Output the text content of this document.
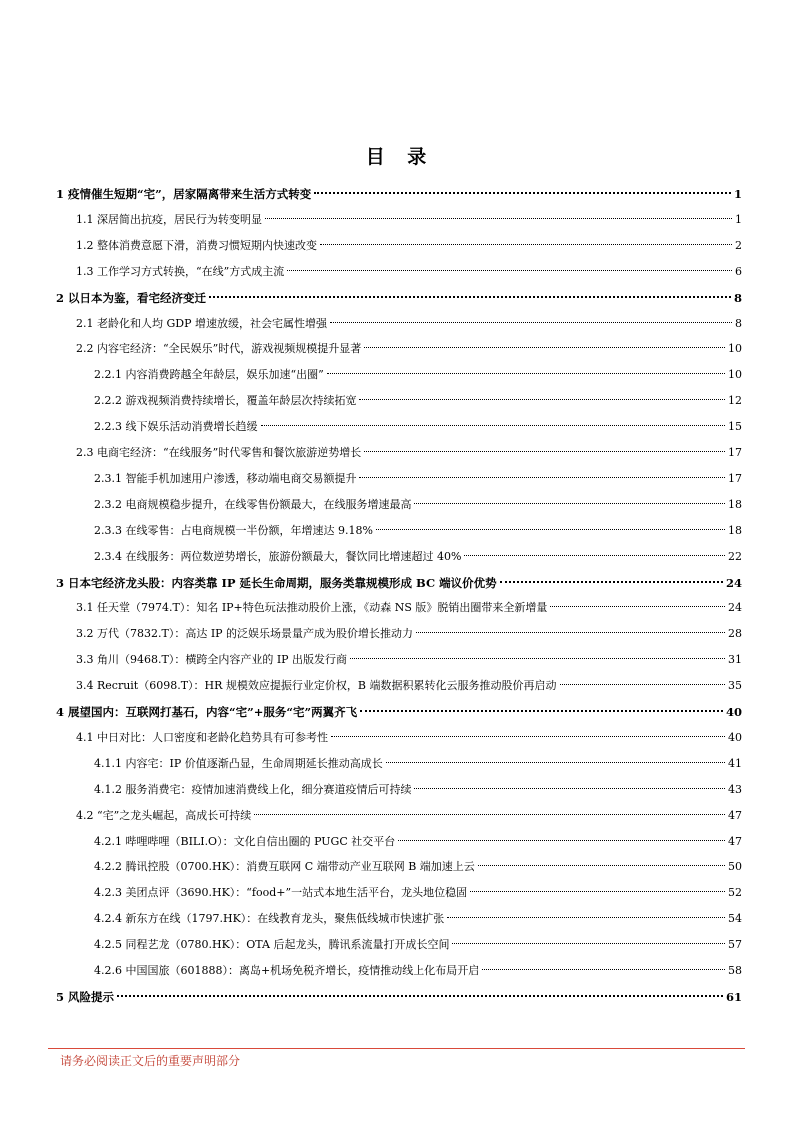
目 录
1 疫情催生短期“宅”，居家隔离带来生活方式转变	1
1.1 深居简出抗疫，居民行为转变明显	1
1.2 整体消费意愿下滑，消费习惯短期内快速改变	2
1.3 工作学习方式转换，“在线”方式成主流	6
2 以日本为鉴，看宅经济变迁	8
2.1 老龄化和人均 GDP 增速放缓，社会宅属性增强	8
2.2 内容宅经济：“全民娱乐”时代，游戏视频规模提升显著	10
2.2.1 内容消费跨越全年龄层，娱乐加速“出圈”	10
2.2.2 游戏视频消费持续增长，覆盖年龄层次持续拓宽	12
2.2.3 线下娱乐活动消费增长趋缓	15
2.3 电商宅经济：“在线服务”时代零售和餐饮旅游逆势增长	17
2.3.1 智能手机加速用户渗透，移动端电商交易额提升	17
2.3.2 电商规模稳步提升，在线零售份额最大，在线服务增速最高	18
2.3.3 在线零售：占电商规模一半份额，年增速达 9.18%	18
2.3.4 在线服务：两位数逆势增长，旅游份额最大，餐饮同比增速超过 40%	22
3 日本宅经济龙头股：内容类靠 IP 延长生命周期，服务类靠规模形成 BC 端议价优势	24
3.1 任天堂（7974.T）：知名 IP+特色玩法推动股价上涨，《动森 NS 版》脱销出圈带来全新增量	24
3.2 万代（7832.T）：高达 IP 的泛娱乐场景量产成为股价增长推动力	28
3.3 角川（9468.T）：横跨全内容产业的 IP 出版发行商	31
3.4 Recruit（6098.T）：HR 规模效应提振行业定价权，B 端数据积累转化云服务推动股价再启动	35
4 展望国内：互联网打基石，内容“宅”+服务“宅”两翼齐飞	40
4.1 中日对比：人口密度和老龄化趋势具有可参考性	40
4.1.1 内容宅：IP 价值逐渐凸显，生命周期延长推动高成长	41
4.1.2 服务消费宅：疫情加速消费线上化，细分赛道疫情后可持续	43
4.2 “宅”之龙头崛起，高成长可持续	47
4.2.1 哔哩哔哩（BILI.O）：文化自信出圈的 PUGC 社交平台	47
4.2.2 腾讯控股（0700.HK）：消费互联网 C 端带动产业互联网 B 端加速上云	50
4.2.3 美团点评（3690.HK）：“food+”一站式本地生活平台，龙头地位稳固	52
4.2.4 新东方在线（1797.HK）：在线教育龙头，聚焦低线城市快速扩张	54
4.2.5 同程艺龙（0780.HK）：OTA 后起龙头，腾讯系流量打开成长空间	57
4.2.6 中国国旅（601888）：离岛+机场免税齐增长，疫情推动线上化布局开启	58
5 风险提示	61
请务必阅读正文后的重要声明部分
